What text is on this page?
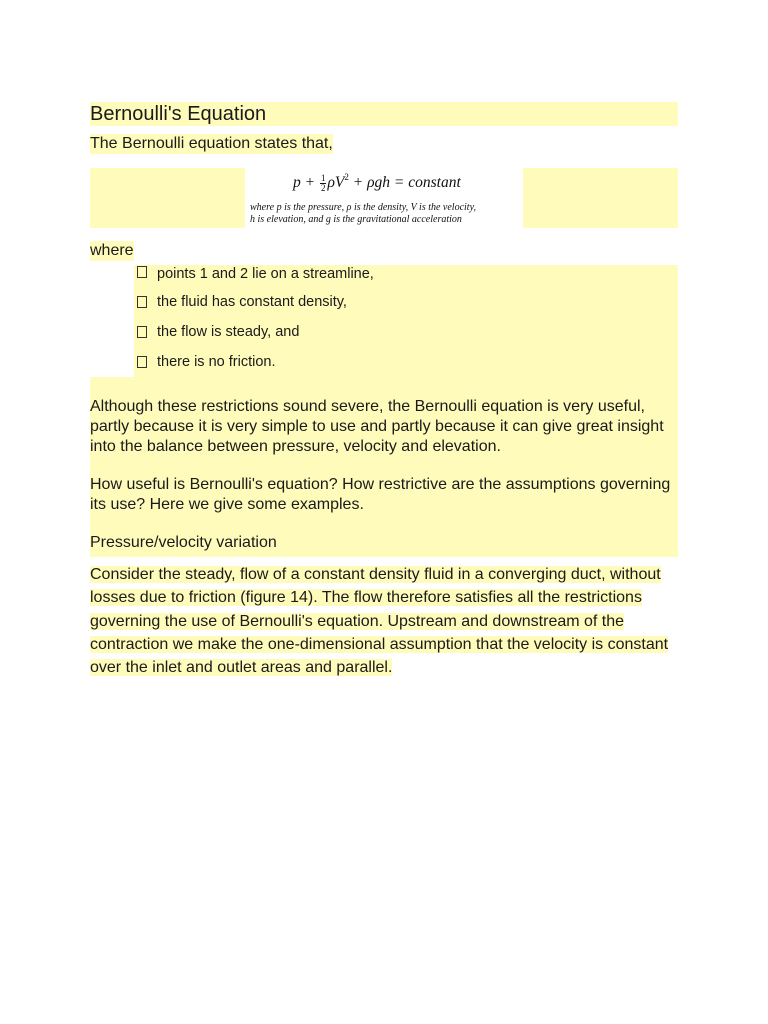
Bernoulli's Equation
The Bernoulli equation states that,
$p + \frac{1}{2} \rho V^2 + \rho gh$ = constant
where p is the pressure, ρ is the density, V is the velocity,
h is elevation, and g is the gravitational acceleration
where
points 1 and 2 lie on a streamline,
the fluid has constant density,
the flow is steady, and
there is no friction.

Although these restrictions sound severe, the Bernoulli equation is very useful, partly because it is very simple to use and partly because it can give great insight into the balance between pressure, velocity and elevation.

How useful is Bernoulli's equation? How restrictive are the assumptions governing its use? Here we give some examples.

Pressure/velocity variation
Consider the steady, flow of a constant density fluid in a converging duct, without losses due to friction (figure 14). The flow therefore satisfies all the restrictions governing the use of Bernoulli's equation. Upstream and downstream of the contraction we make the one-dimensional assumption that the velocity is constant over the inlet and outlet areas and parallel.
